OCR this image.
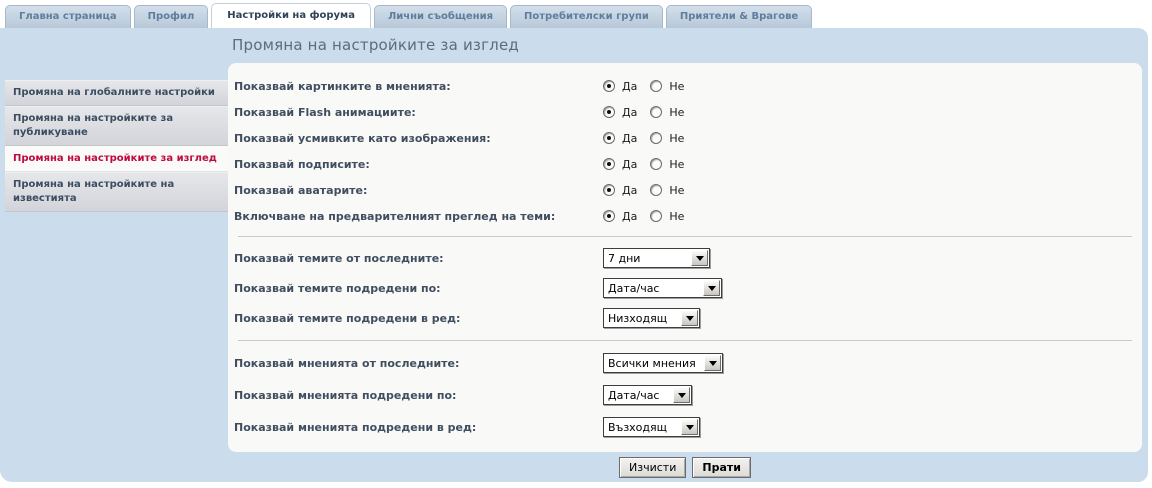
Главна страница	Профил	Настройки на форума	Лични съобщения	Потребителски групи	Приятели & Врагове
Промяна на настройките за изглед
Промяна на глобалните настройки
Промяна на настройките за публикуване
Промяна на настройките за изглед
Промяна на настройките на известията
Показвай картинките в мненията:	Да	Не
Показвай Flash анимациите:	Да	Не
Показвай усмивките като изображения:	Да	Не
Показвай подписите:	Да	Не
Показвай аватарите:	Да	Не
Включване на предварителният преглед на теми:	Да	Не
Показвай темите от последните:	7 дни
Показвай темите подредени по:	Дата/час
Показвай темите подредени в ред:	Низходящ
Показвай мненията от последните:	Всички мнения
Показвай мненията подредени по:	Дата/час
Показвай мненията подредени в ред:	Възходящ
Изчисти	Прати
